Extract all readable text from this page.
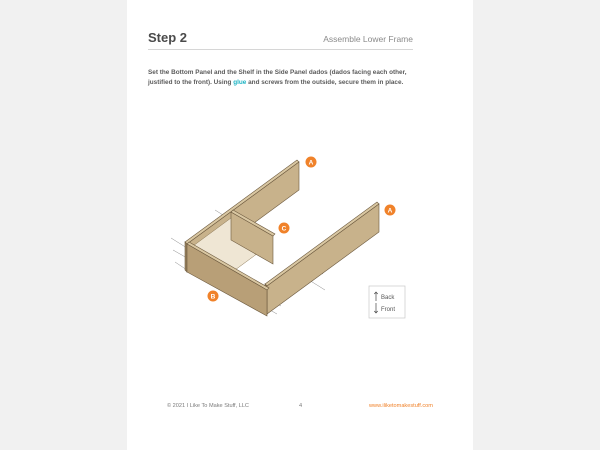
Step 2	Assemble Lower Frame
Set the Bottom Panel and the Shelf in the Side Panel dados (dados facing each other, justified to the front). Using glue and screws from the outside, secure them in place.
A
A
C
B	Back
Front
© 2021 I Like To Make Stuff, LLC	4	www.iliketomakestuff.com
